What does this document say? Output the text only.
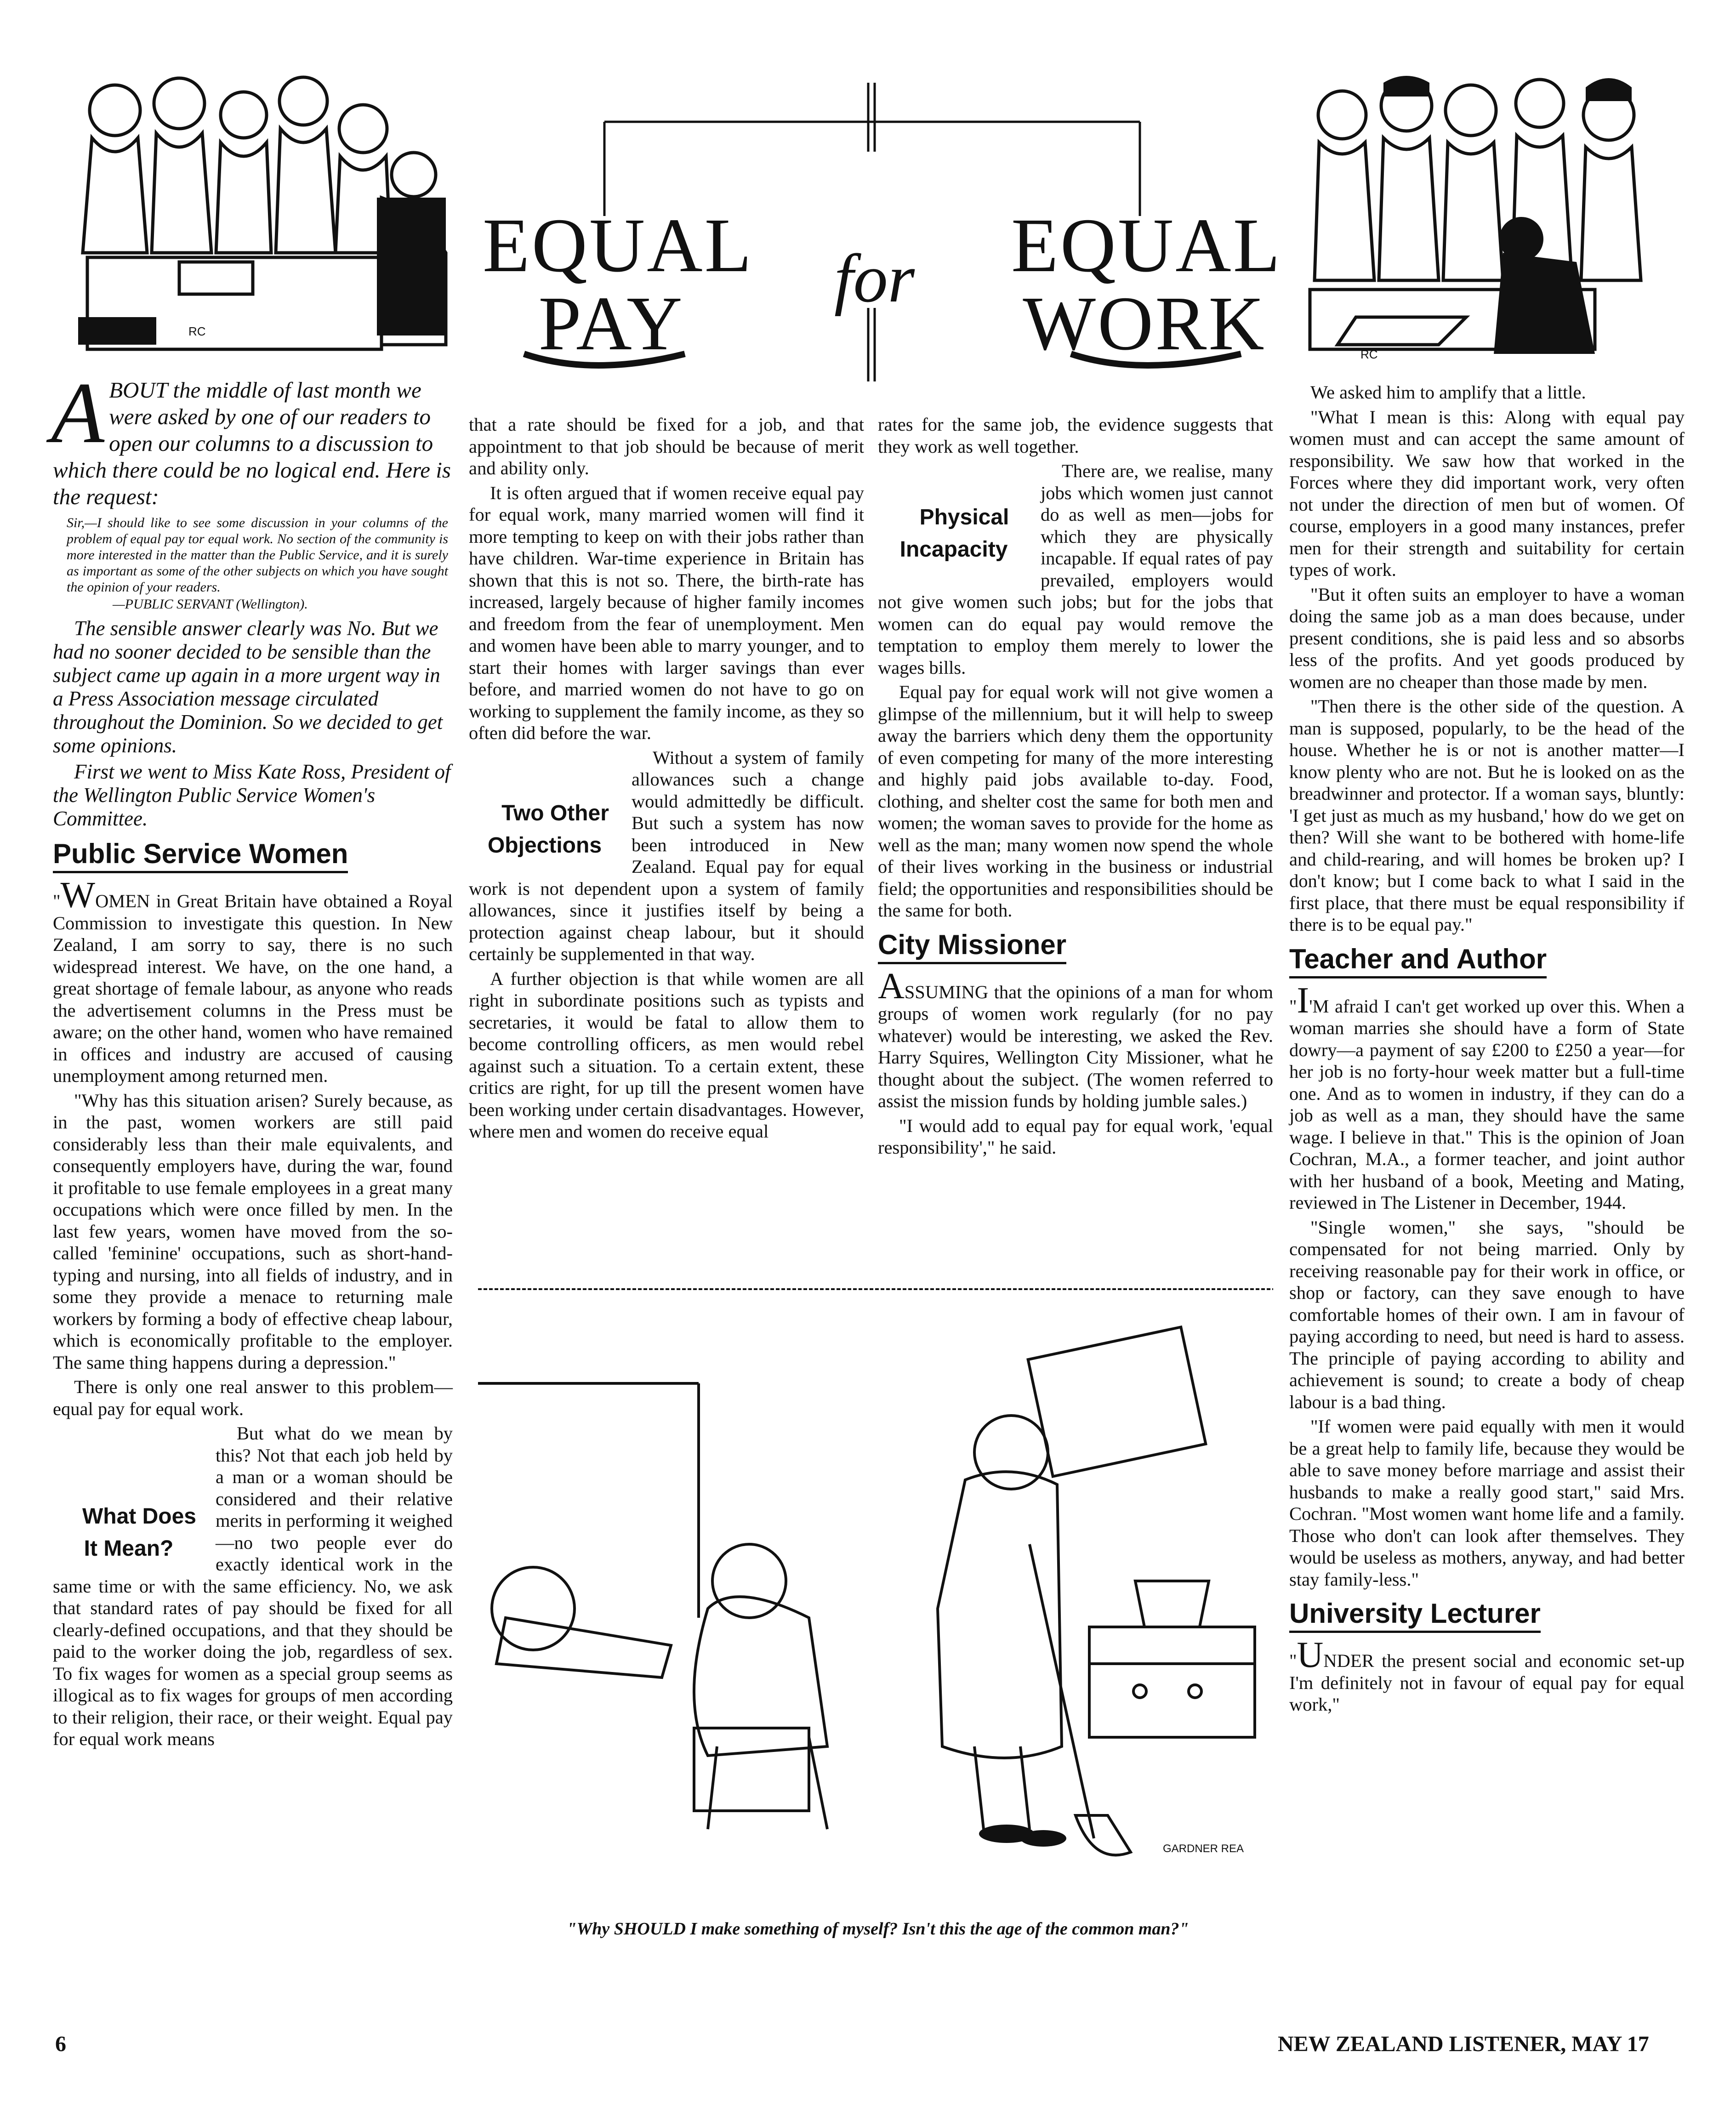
RC
RC
EQUAL
PAY
for EQUAL
WORK
A BOUT the middle of last month we were asked by one of our readers to open our columns to a discussion to which there could be no logical end. Here is the request:
Sir,—I should like to see some discussion in your columns of the problem of equal pay tor equal work. No section of the community is more interested in the matter than the Public Service, and it is surely as important as some of the other subjects on which you have sought the opinion of your readers.
—PUBLIC SERVANT (Wellington).

The sensible answer clearly was No. But we had no sooner decided to be sensible than the subject came up again in a more urgent way in a Press Association message circulated throughout the Dominion. So we decided to get some opinions.

First we went to Miss Kate Ross, President of the Wellington Public Service Women's Committee.

Public Service Women

"WOMEN in Great Britain have obtained a Royal Commission to investigate this question. In New Zealand, I am sorry to say, there is no such widespread interest. We have, on the one hand, a great shortage of female labour, as anyone who reads the advertisement columns in the Press must be aware; on the other hand, women who have remained in offices and industry are accused of causing unemployment among returned men.

"Why has this situation arisen? Surely because, as in the past, women workers are still paid considerably less than their male equivalents, and consequently employers have, during the war, found it profitable to use female employees in a great many occupations which were once filled by men. In the last few years, women have moved from the so-called 'feminine' occupations, such as short-hand-typing and nursing, into all fields of industry, and in some they provide a menace to returning male workers by forming a body of effective cheap labour, which is economically profitable to the employer. The same thing happens during a depression."

There is only one real answer to this problem—equal pay for equal work.

What Does It Mean?
But what do we mean by this? Not that each job held by a man or a woman should be considered and their relative merits in performing it weighed—no two people ever do exactly identical work in the same time or with the same efficiency. No, we ask that standard rates of pay should be fixed for all clearly-defined occupations, and that they should be paid to the worker doing the job, regardless of sex. To fix wages for women as a special group seems as illogical as to fix wages for groups of men according to their religion, their race, or their weight. Equal pay for equal work means

that a rate should be fixed for a job, and that appointment to that job should be because of merit and ability only.

It is often argued that if women receive equal pay for equal work, many married women will find it more tempting to keep on with their jobs rather than have children. War-time experience in Britain has shown that this is not so. There, the birth-rate has increased, largely because of higher family incomes and freedom from the fear of unemployment. Men and women have been able to marry younger, and to start their homes with larger savings than ever before, and married women do not have to go on working to supplement the family income, as they so often did before the war.

Two Other Objections
Without a system of family allowances such a change would admittedly be difficult. But such a system has now been introduced in New Zealand. Equal pay for equal work is not dependent upon a system of family allowances, since it justifies itself by being a protection against cheap labour, but it should certainly be supplemented in that way.

A further objection is that while women are all right in subordinate positions such as typists and secretaries, it would be fatal to allow them to become controlling officers, as men would rebel against such a situation. To a certain extent, these critics are right, for up till the present women have been working under certain disadvantages. However, where men and women do receive equal

rates for the same job, the evidence suggests that they work as well together.

Physical Incapacity
There are, we realise, many jobs which women just cannot do as well as men—jobs for which they are physically incapable. If equal rates of pay prevailed, employers would not give women such jobs; but for the jobs that women can do equal pay would remove the temptation to employ them merely to lower the wages bills.

Equal pay for equal work will not give women a glimpse of the millennium, but it will help to sweep away the barriers which deny them the opportunity of even competing for many of the more interesting and highly paid jobs available to-day. Food, clothing, and shelter cost the same for both men and women; the woman saves to provide for the home as well as the man; many women now spend the whole of their lives working in the business or industrial field; the opportunities and responsibilities should be the same for both.

City Missioner

ASSUMING that the opinions of a man for whom groups of women work regularly (for no pay whatever) would be interesting, we asked the Rev. Harry Squires, Wellington City Missioner, what he thought about the subject. (The women referred to assist the mission funds by holding jumble sales.)

"I would add to equal pay for equal work, 'equal responsibility'," he said.

We asked him to amplify that a little.

"What I mean is this: Along with equal pay women must and can accept the same amount of responsibility. We saw how that worked in the Forces where they did important work, very often not under the direction of men but of women. Of course, employers in a good many instances, prefer men for their strength and suitability for certain types of work.

"But it often suits an employer to have a woman doing the same job as a man does because, under present conditions, she is paid less and so absorbs less of the profits. And yet goods produced by women are no cheaper than those made by men.

"Then there is the other side of the question. A man is supposed, popularly, to be the head of the house. Whether he is or not is another matter—I know plenty who are not. But he is looked on as the breadwinner and protector. If a woman says, bluntly: 'I get just as much as my husband,' how do we get on then? Will she want to be bothered with home-life and child-rearing, and will homes be broken up? I don't know; but I come back to what I said in the first place, that there must be equal responsibility if there is to be equal pay."

Teacher and Author

"I'M afraid I can't get worked up over this. When a woman marries she should have a form of State dowry—a payment of say £200 to £250 a year—for her job is no forty-hour week matter but a full-time one. And as to women in industry, if they can do a job as well as a man, they should have the same wage. I believe in that." This is the opinion of Joan Cochran, M.A., a former teacher, and joint author with her husband of a book, Meeting and Mating, reviewed in The Listener in December, 1944.

"Single women," she says, "should be compensated for not being married. Only by receiving reasonable pay for their work in office, or shop or factory, can they save enough to have comfortable homes of their own. I am in favour of paying according to need, but need is hard to assess. The principle of paying according to ability and achievement is sound; to create a body of cheap labour is a bad thing.

"If women were paid equally with men it would be a great help to family life, because they would be able to save money before marriage and assist their husbands to make a really good start," said Mrs. Cochran. "Most women want home life and a family. Those who don't can look after themselves. They would be useless as mothers, anyway, and had better stay family-less."

University Lecturer

"UNDER the present social and economic set-up I'm definitely not in favour of equal pay for equal work,"

GARDNER REA
"Why SHOULD I make something of myself? Isn't this the age of the common man?"
6	NEW ZEALAND LISTENER, MAY 17
